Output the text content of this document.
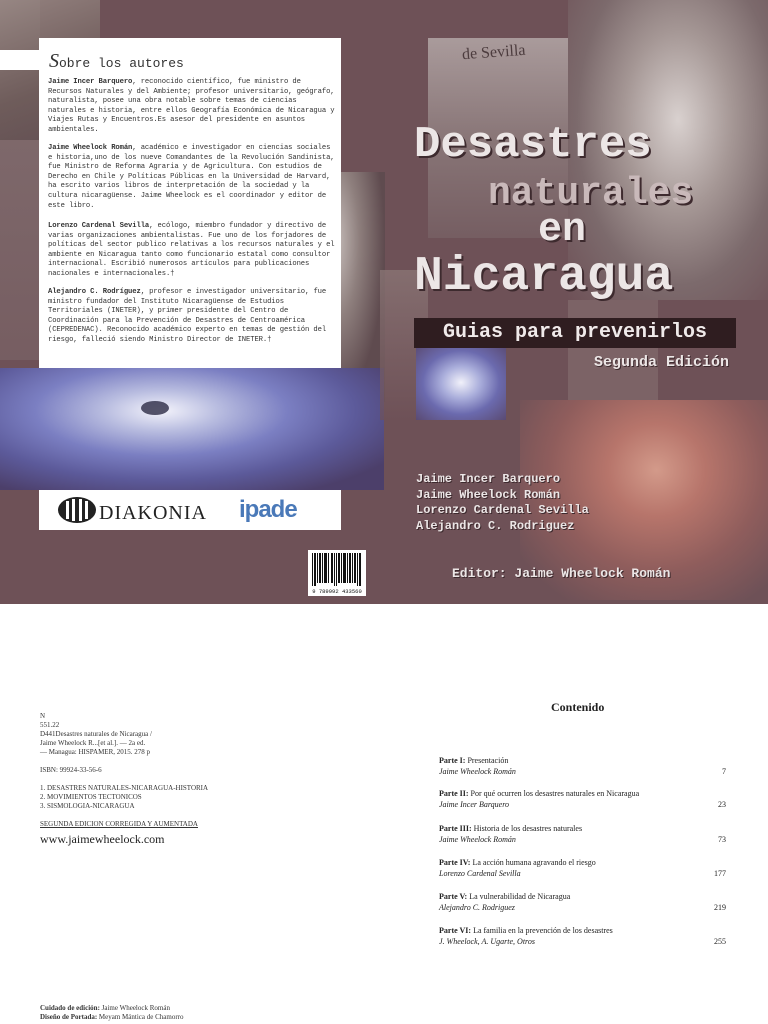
de Sevilla
Sobre los autores
Jaime Incer Barquero, reconocido científico, fue ministro de Recursos Naturales y del Ambiente; profesor universitario, geógrafo, naturalista, posee una obra notable sobre temas de ciencias naturales e historia, entre ellos Geografía Económica de Nicaragua y Viajes Rutas y Encuentros.Es asesor del presidente en asuntos ambientales.
Jaime Wheelock Román, académico e investigador en ciencias sociales e historia,uno de los nueve Comandantes de la Revolución Sandinista, fue Ministro de Reforma Agraria y de Agricultura. Con estudios de Derecho en Chile y Políticas Públicas en la Universidad de Harvard, ha escrito varios libros de interpretación de la sociedad y la cultura nicaragüense. Jaime Wheelock es el coordinador y editor de este libro.
Lorenzo Cardenal Sevilla, ecólogo, miembro fundador y directivo de varias organizaciones ambientalistas. Fue uno de los forjadores de políticas del sector publico relativas a los recursos naturales y el ambiente en Nicaragua tanto como funcionario estatal como consultor internacional. Escribió numerosos artículos para publicaciones nacionales e internacionales.†
Alejandro C. Rodríguez, profesor e investigador universitario, fue ministro fundador del Instituto Nicaragüense de Estudios Territoriales (INETER), y primer presidente del Centro de Coordinación para la Prevención de Desastres de Centroamérica (CEPREDENAC). Reconocido académico experto en temas de gestión del riesgo, falleció siendo Ministro Director de INETER.†
DIAKONIA ipade
9 789992 433560
Desastres
naturales
en
Nicaragua
Guias para prevenirlos
Segunda Edición
Jaime Incer Barquero
Jaime Wheelock Román
Lorenzo Cardenal Sevilla
Alejandro C. Rodriguez
Editor: Jaime Wheelock Román
N
551.22
D441Desastres naturales de Nicaragua /
Jaime Wheelock R...[et al.]. — 2a ed.
— Managua: HISPAMER, 2015. 278 p
ISBN: 99924-33-56-6
1. DESASTRES NATURALES-NICARAGUA-HISTORIA
2. MOVIMIENTOS TECTONICOS
3. SISMOLOGIA-NICARAGUA
SEGUNDA EDICION CORREGIDA Y AUMENTADA
www.jaimewheelock.com
Cuidado de edición: Jaime Wheelock Román
Diseño de Portada: Meyam Mántica de Chamorro
Contenido
Parte I: Presentación
Jaime Wheelock Román	7
Parte II: Por qué ocurren los desastres naturales en Nicaragua
Jaime Incer Barquero	23
Parte III: Historia de los desastres naturales
Jaime Wheelock Román	73
Parte IV: La acción humana agravando el riesgo
Lorenzo Cardenal Sevilla	177
Parte V: La vulnerabilidad de Nicaragua
Alejandro C. Rodriguez	219
Parte VI: La familia en la prevención de los desastres
J. Wheelock, A. Ugarte, Otros	255
